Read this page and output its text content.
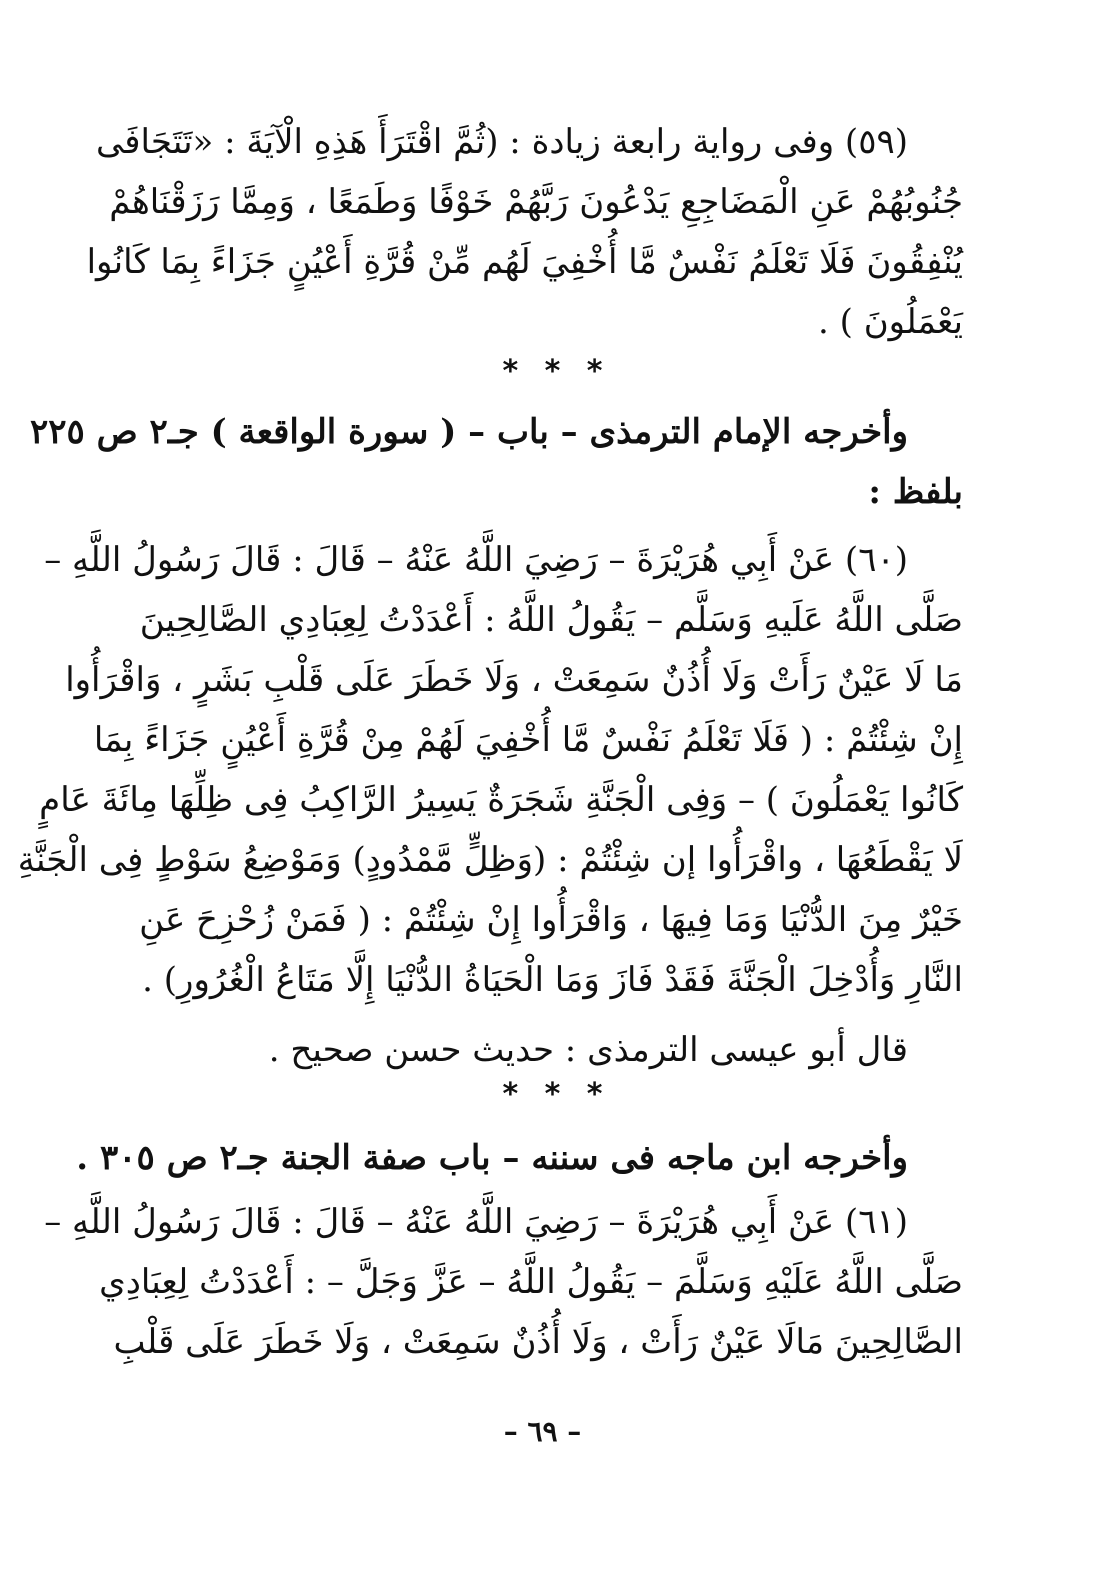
(٥٩) وفى رواية رابعة زيادة : (ثُمَّ اقْتَرَأَ هَذِهِ الْآيَةَ : «تَتَجَافَى
جُنُوبُهُمْ عَنِ الْمَضَاجِعِ يَدْعُونَ رَبَّهُمْ خَوْفًا وَطَمَعًا ، وَمِمَّا رَزَقْنَاهُمْ
يُنْفِقُونَ فَلَا تَعْلَمُ نَفْسٌ مَّا أُخْفِيَ لَهُم مِّنْ قُرَّةِ أَعْيُنٍ جَزَاءً بِمَا كَانُوا
يَعْمَلُونَ ) .
* * *
وأخرجه الإمام الترمذى – باب – ( سورة الواقعة ) جـ٢ ص ٢٢٥
بلفظ :
(٦٠) عَنْ أَبِي هُرَيْرَةَ – رَضِيَ اللَّهُ عَنْهُ – قَالَ : قَالَ رَسُولُ اللَّهِ –
صَلَّى اللَّهُ عَلَيهِ وَسَلَّم – يَقُولُ اللَّهُ : أَعْدَدْتُ لِعِبَادِي الصَّالِحِينَ
مَا لَا عَيْنٌ رَأَتْ وَلَا أُذُنٌ سَمِعَتْ ، وَلَا خَطَرَ عَلَى قَلْبِ بَشَرٍ ، وَاقْرَأُوا
إِنْ شِئْتُمْ : ( فَلَا تَعْلَمُ نَفْسٌ مَّا أُخْفِيَ لَهُمْ مِنْ قُرَّةِ أَعْيُنٍ جَزَاءً بِمَا
كَانُوا يَعْمَلُونَ ) – وَفِى الْجَنَّةِ شَجَرَةٌ يَسِيرُ الرَّاكِبُ فِى ظِلِّهَا مِائَةَ عَامٍ
لَا يَقْطَعُهَا ، واقْرَأُوا إن شِئْتُمْ : (وَظِلٍّ مَّمْدُودٍ) وَمَوْضِعُ سَوْطٍ فِى الْجَنَّةِ
خَيْرٌ مِنَ الدُّنْيَا وَمَا فِيهَا ، وَاقْرَأُوا إِنْ شِئْتُمْ : ( فَمَنْ زُحْزِحَ عَنِ
النَّارِ وَأُدْخِلَ الْجَنَّةَ فَقَدْ فَازَ وَمَا الْحَيَاةُ الدُّنْيَا إِلَّا مَتَاعُ الْغُرُورِ) .
قال أبو عيسى الترمذى : حديث حسن صحيح .
* * *
وأخرجه ابن ماجه فى سننه – باب صفة الجنة جـ٢ ص ٣٠٥ .
(٦١) عَنْ أَبِي هُرَيْرَةَ – رَضِيَ اللَّهُ عَنْهُ – قَالَ : قَالَ رَسُولُ اللَّهِ –
صَلَّى اللَّهُ عَلَيْهِ وَسَلَّمَ – يَقُولُ اللَّهُ – عَزَّ وَجَلَّ – : أَعْدَدْتُ لِعِبَادِي
الصَّالِحِينَ مَالَا عَيْنٌ رَأَتْ ، وَلَا أُذُنٌ سَمِعَتْ ، وَلَا خَطَرَ عَلَى قَلْبِ
– ٦٩ –
